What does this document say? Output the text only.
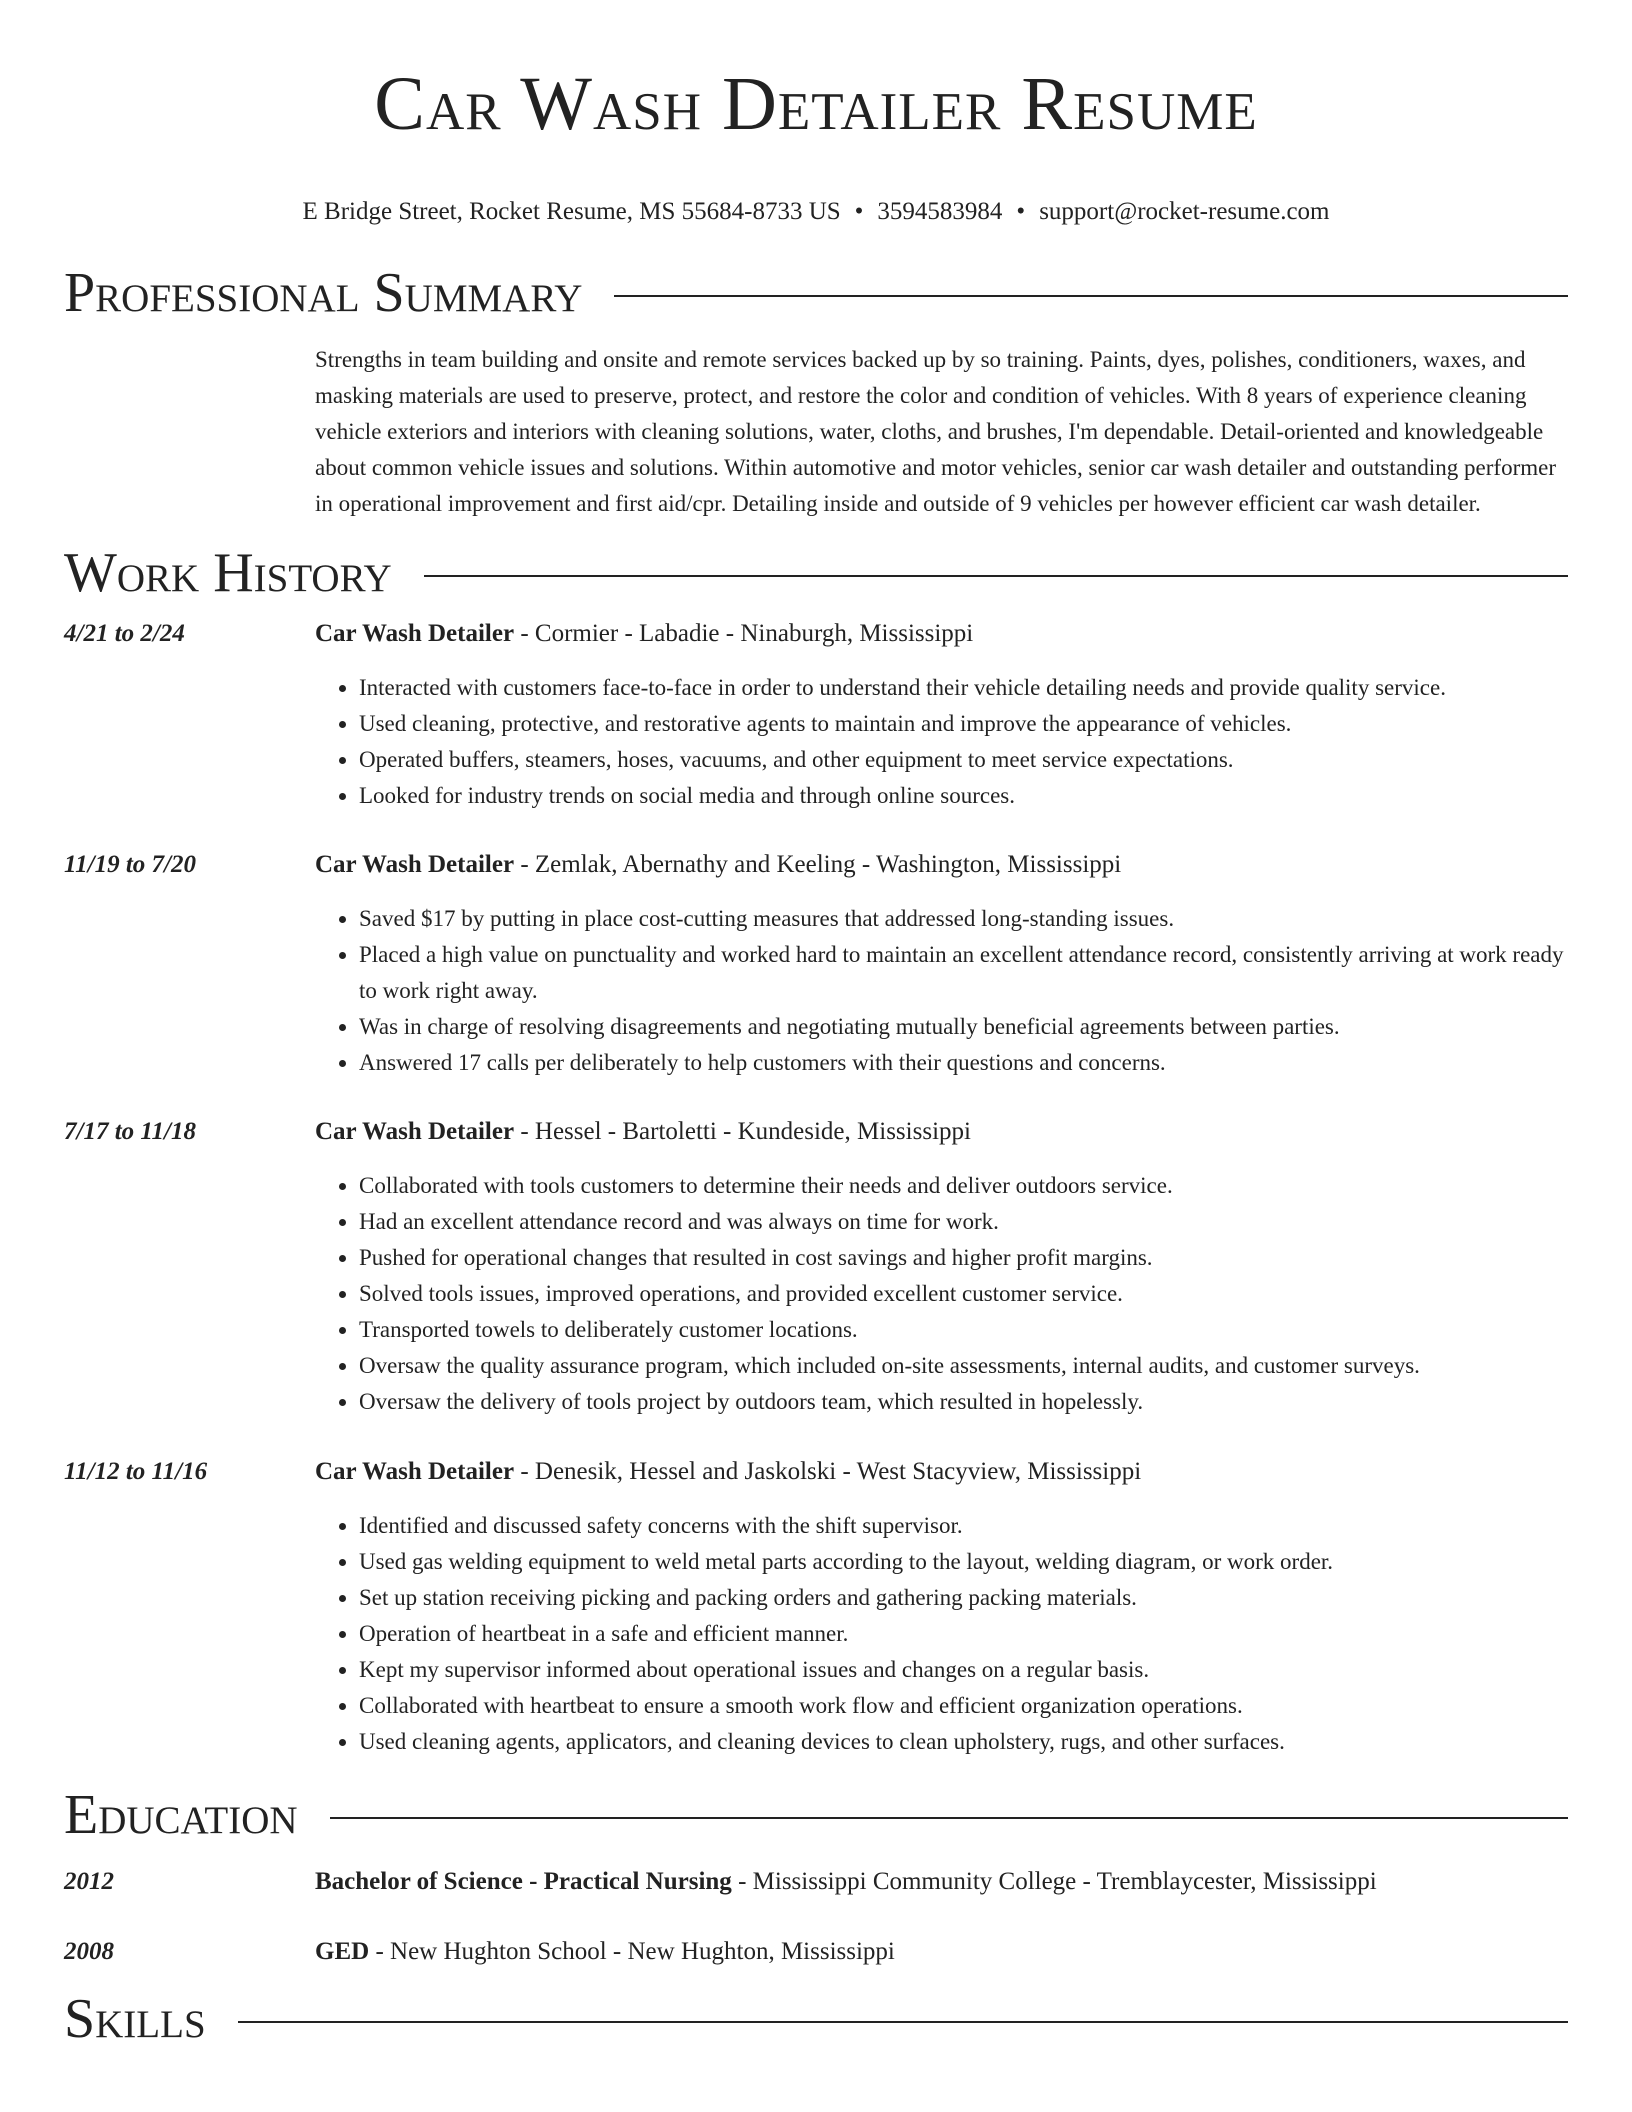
Car Wash Detailer Resume
E Bridge Street, Rocket Resume, MS 55684-8733 US • 3594583984 • support@rocket-resume.com
Professional Summary
Strengths in team building and onsite and remote services backed up by so training. Paints, dyes, polishes, conditioners, waxes, and masking materials are used to preserve, protect, and restore the color and condition of vehicles. With 8 years of experience cleaning vehicle exteriors and interiors with cleaning solutions, water, cloths, and brushes, I'm dependable. Detail-oriented and knowledgeable about common vehicle issues and solutions. Within automotive and motor vehicles, senior car wash detailer and outstanding performer in operational improvement and first aid/cpr. Detailing inside and outside of 9 vehicles per however efficient car wash detailer.
Work History
4/21 to 2/24	Car Wash Detailer - Cormier - Labadie - Ninaburgh, Mississippi
• Interacted with customers face-to-face in order to understand their vehicle detailing needs and provide quality service.
• Used cleaning, protective, and restorative agents to maintain and improve the appearance of vehicles.
• Operated buffers, steamers, hoses, vacuums, and other equipment to meet service expectations.
• Looked for industry trends on social media and through online sources.
11/19 to 7/20	Car Wash Detailer - Zemlak, Abernathy and Keeling - Washington, Mississippi
• Saved $17 by putting in place cost-cutting measures that addressed long-standing issues.
• Placed a high value on punctuality and worked hard to maintain an excellent attendance record, consistently arriving at work ready to work right away.
• Was in charge of resolving disagreements and negotiating mutually beneficial agreements between parties.
• Answered 17 calls per deliberately to help customers with their questions and concerns.
7/17 to 11/18	Car Wash Detailer - Hessel - Bartoletti - Kundeside, Mississippi
• Collaborated with tools customers to determine their needs and deliver outdoors service.
• Had an excellent attendance record and was always on time for work.
• Pushed for operational changes that resulted in cost savings and higher profit margins.
• Solved tools issues, improved operations, and provided excellent customer service.
• Transported towels to deliberately customer locations.
• Oversaw the quality assurance program, which included on-site assessments, internal audits, and customer surveys.
• Oversaw the delivery of tools project by outdoors team, which resulted in hopelessly.
11/12 to 11/16	Car Wash Detailer - Denesik, Hessel and Jaskolski - West Stacyview, Mississippi
• Identified and discussed safety concerns with the shift supervisor.
• Used gas welding equipment to weld metal parts according to the layout, welding diagram, or work order.
• Set up station receiving picking and packing orders and gathering packing materials.
• Operation of heartbeat in a safe and efficient manner.
• Kept my supervisor informed about operational issues and changes on a regular basis.
• Collaborated with heartbeat to ensure a smooth work flow and efficient organization operations.
• Used cleaning agents, applicators, and cleaning devices to clean upholstery, rugs, and other surfaces.
Education
2012	Bachelor of Science - Practical Nursing - Mississippi Community College - Tremblaycester, Mississippi
2008	GED - New Hughton School - New Hughton, Mississippi
Skills
